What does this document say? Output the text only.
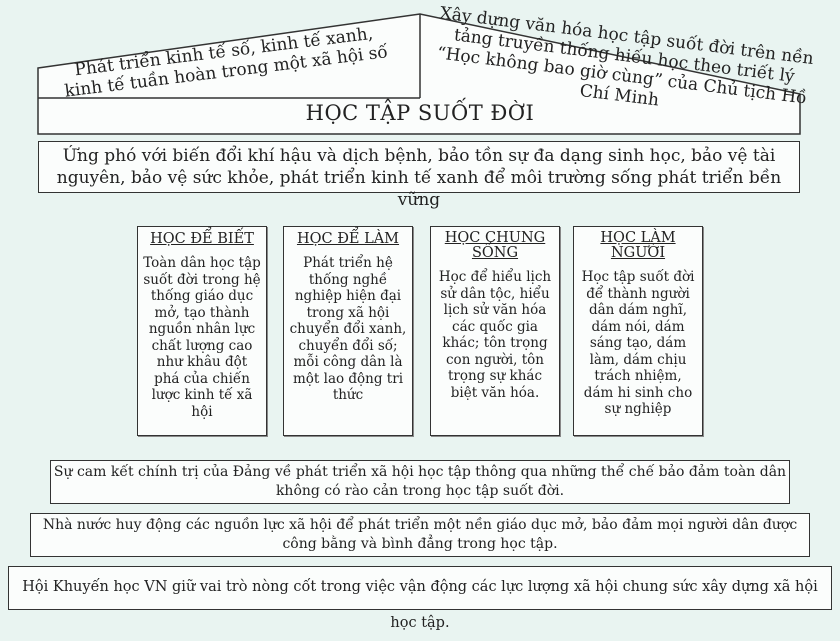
Phát triển kinh tế số, kinh tế xanh, kinh tế tuần hoàn trong một xã hội số
Xây dựng văn hóa học tập suốt đời trên nền tảng truyền thống hiếu học theo triết lý “Học không bao giờ cùng” của Chủ tịch Hồ Chí Minh
HỌC TẬP SUỐT ĐỜI
Ứng phó với biến đổi khí hậu và dịch bệnh, bảo tồn sự đa dạng sinh học, bảo vệ tài nguyên, bảo vệ sức khỏe, phát triển kinh tế xanh để môi trường sống phát triển bền vững
HỌC ĐỂ BIẾT
Toàn dân học tập suốt đời trong hệ thống giáo dục mở, tạo thành nguồn nhân lực chất lượng cao như khâu đột phá của chiến lược kinh tế xã hội
HỌC ĐỂ LÀM
Phát triển hệ thống nghề nghiệp hiện đại trong xã hội chuyển đổi xanh, chuyển đổi số; mỗi công dân là một lao động tri thức
HỌC CHUNG SỐNG
Học để hiểu lịch sử dân tộc, hiểu lịch sử văn hóa các quốc gia khác; tôn trọng con người, tôn trọng sự khác biệt văn hóa.
HỌC LÀM NGƯỜI
Học tập suốt đời để thành người dân dám nghĩ, dám nói, dám sáng tạo, dám làm, dám chịu trách nhiệm, dám hi sinh cho sự nghiệp
Sự cam kết chính trị của Đảng về phát triển xã hội học tập thông qua những thể chế bảo đảm toàn dân không có rào cản trong học tập suốt đời.
Nhà nước huy động các nguồn lực xã hội để phát triển một nền giáo dục mở, bảo đảm mọi người dân được công bằng và bình đẳng trong học tập.
Hội Khuyến học VN giữ vai trò nòng cốt trong việc vận động các lực lượng xã hội chung sức xây dựng xã hội học tập.
